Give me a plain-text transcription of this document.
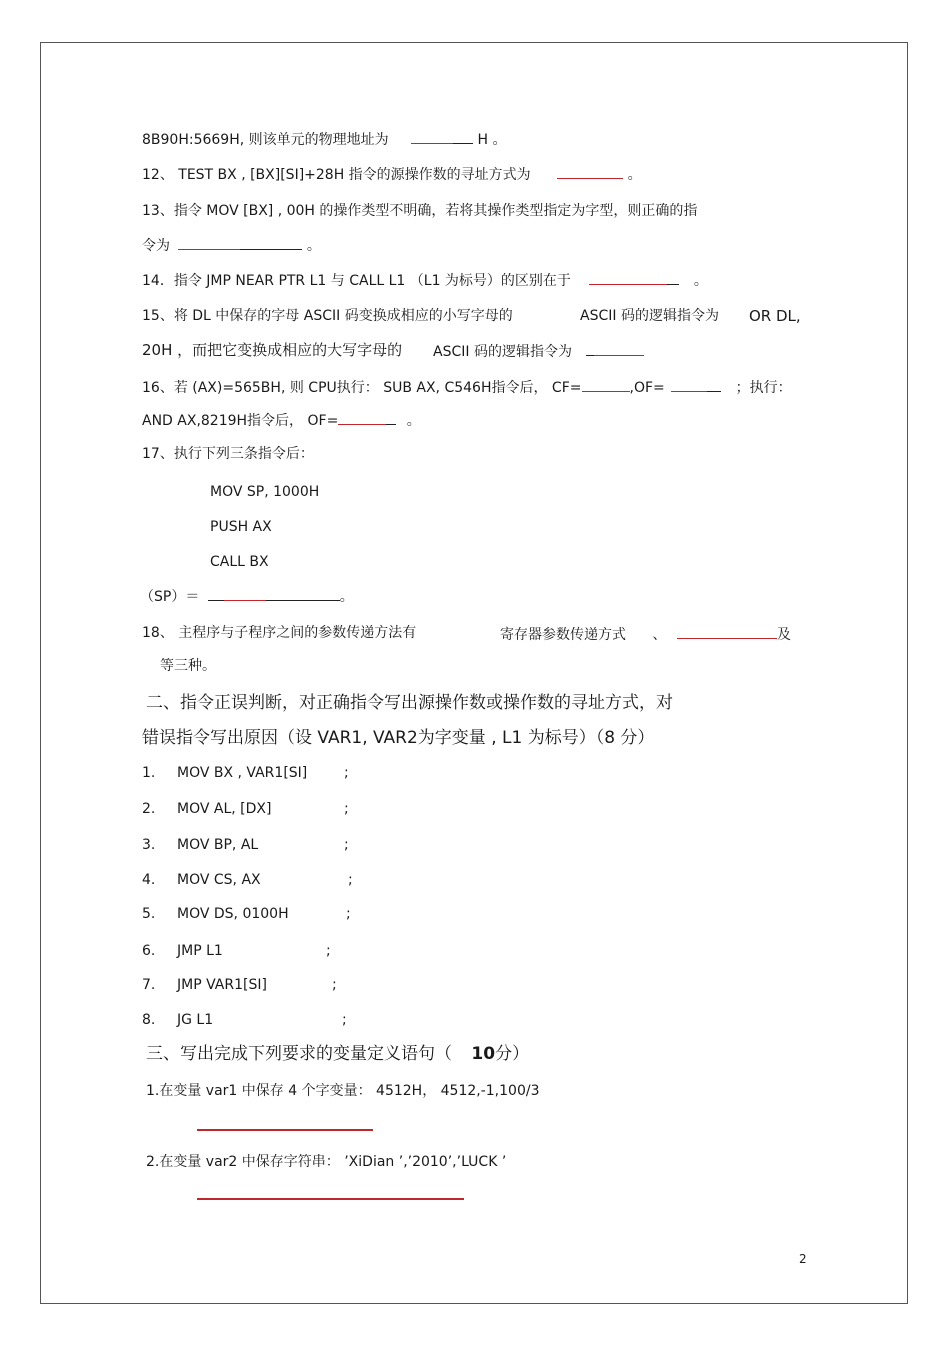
8B90H:5669H, 则该单元的物理地址为	H 。
12、 TEST BX , [BX][SI]+28H 指令的源操作数的寻址方式为	。
13、指令 MOV [BX] , 00H 的操作类型不明确，若将其操作类型指定为字型，则正确的指
令为	。
14．指令 JMP NEAR PTR L1 与 CALL L1 （L1 为标号）的区别在于	。
15、将 DL 中保存的字母 ASCII 码变换成相应的小写字母的	ASCII 码的逻辑指令为 OR DL,
20H ，而把它变换成相应的大写字母的 ASCII 码的逻辑指令为
16、若 (AX)=565BH, 则 CPU执行： SUB AX, C546H指令后， CF=	,OF=	；执行：
AND AX,8219H指令后， OF=	。
17、执行下列三条指令后：
MOV SP, 1000H
PUSH AX
CALL BX
（SP）＝	。
18、 主程序与子程序之间的参数传递方法有	寄存器参数传递方式 、	及
等三种。
二、指令正误判断，对正确指令写出源操作数或操作数的寻址方式，对
错误指令写出原因（设 VAR1, VAR2为字变量 , L1 为标号）（8 分）
1. MOV BX , VAR1[SI]	;
2. MOV AL, [DX]	;
3. MOV BP, AL	;
4. MOV CS, AX	;
5. MOV DS, 0100H	;
6. JMP L1	;
7. JMP VAR1[SI]	;
8. JG L1	;
三、写出完成下列要求的变量定义语句（ 10分）
1.在变量 var1 中保存 4 个字变量： 4512H， 4512,-1,100/3
2.在变量 var2 中保存字符串： ’XiDian ’,’2010’,’LUCK ’
2
